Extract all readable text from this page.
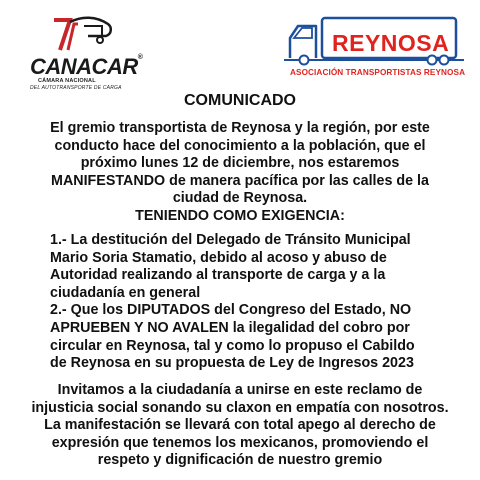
CANACAR®
CÁMARA NACIONAL
DEL AUTOTRANSPORTE DE CARGA
REYNOSA
ASOCIACIÓN TRANSPORTISTAS REYNOSA
COMUNICADO
El gremio transportista de Reynosa y la región, por este
conducto hace del conocimiento a la población, que el
próximo lunes 12 de diciembre, nos estaremos
MANIFESTANDO de manera pacífica por las calles de la
ciudad de Reynosa.
TENIENDO COMO EXIGENCIA:
1.- La destitución del Delegado de Tránsito Municipal
Mario Soria Stamatio, debido al acoso y abuso de
Autoridad realizando al transporte de carga y a la
ciudadanía en general
2.- Que los DIPUTADOS del Congreso del Estado, NO
APRUEBEN Y NO AVALEN la ilegalidad del cobro por
circular en Reynosa, tal y como lo propuso el Cabildo
de Reynosa en su propuesta de Ley de Ingresos 2023
Invitamos a la ciudadanía a unirse en este reclamo de
injusticia social sonando su claxon en empatía con nosotros.
La manifestación se llevará con total apego al derecho de
expresión que tenemos los mexicanos, promoviendo el
respeto y dignificación de nuestro gremio
